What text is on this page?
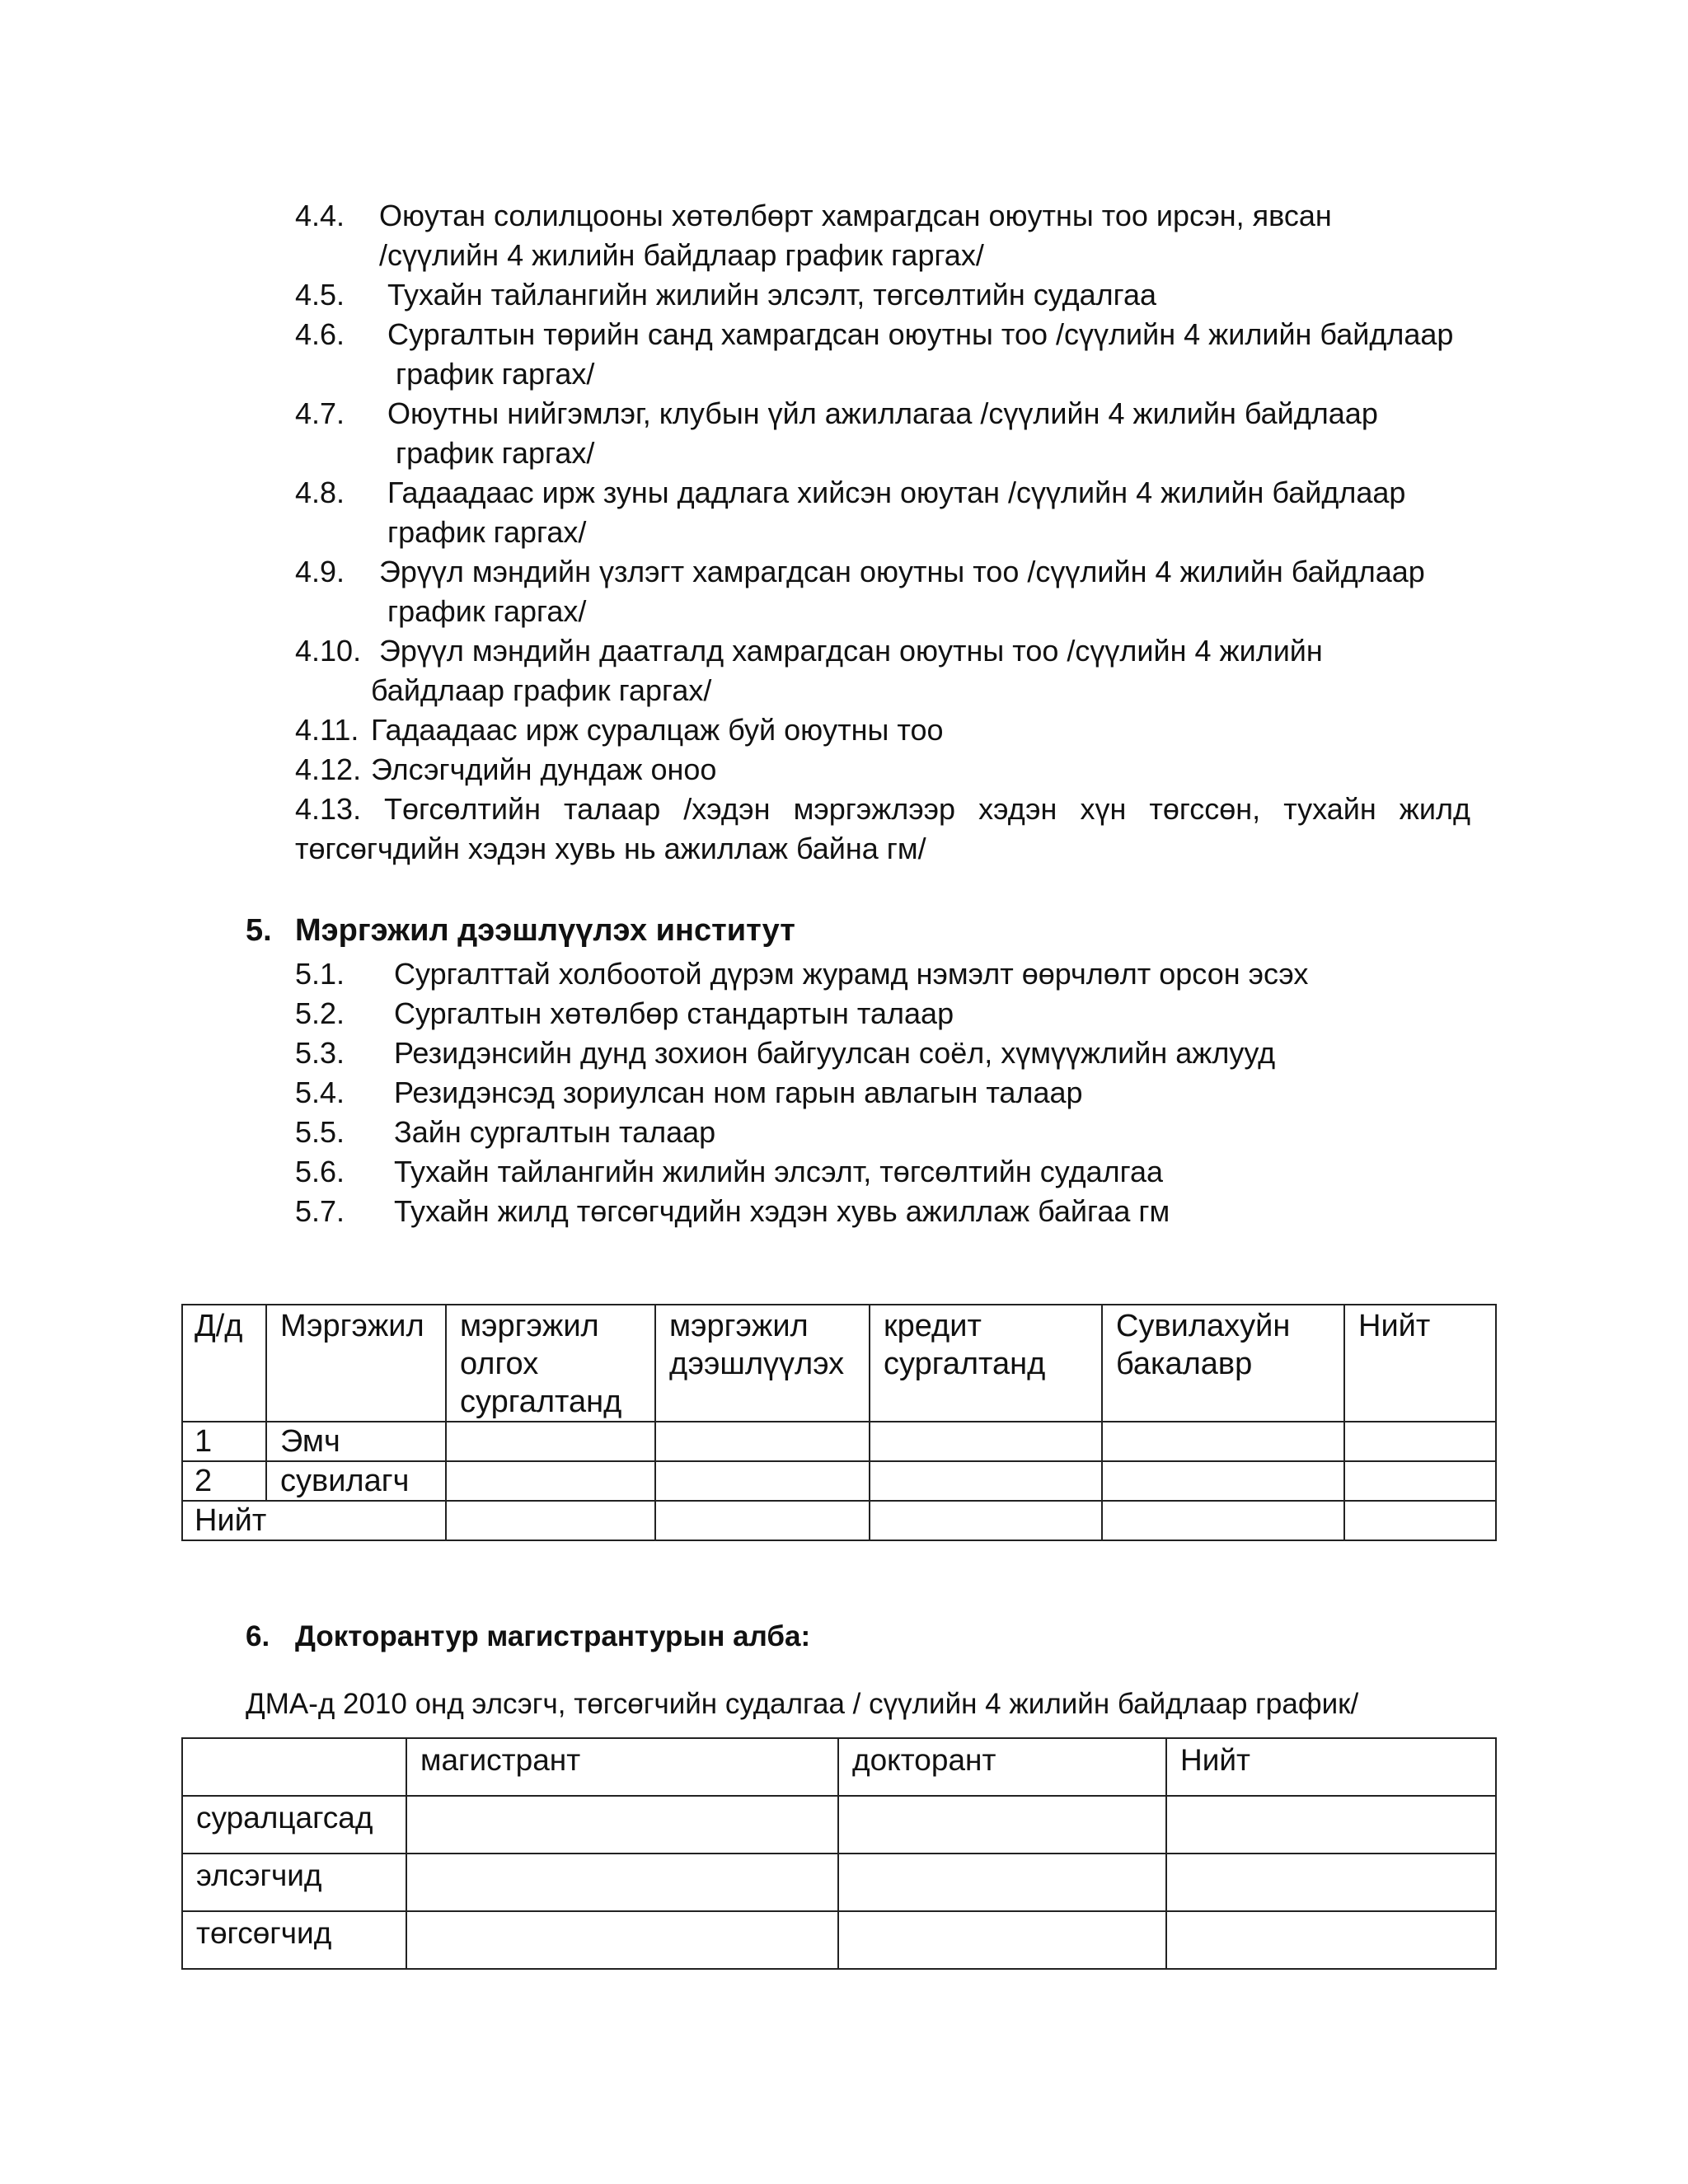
4.4. Оюутан солилцооны хөтөлбөрт хамрагдсан оюутны тоо ирсэн, явсан
/сүүлийн 4 жилийн байдлаар график гаргах/
4.5. Тухайн тайлангийн жилийн элсэлт, төгсөлтийн судалгаа
4.6. Сургалтын төрийн санд хамрагдсан оюутны тоо /сүүлийн 4 жилийн байдлаар
график гаргах/
4.7. Оюутны нийгэмлэг, клубын үйл ажиллагаа /сүүлийн 4 жилийн байдлаар
график гаргах/
4.8. Гадаадаас ирж зуны дадлага хийсэн оюутан /сүүлийн 4 жилийн байдлаар
график гаргах/
4.9. Эрүүл мэндийн үзлэгт хамрагдсан оюутны тоо /сүүлийн 4 жилийн байдлаар
график гаргах/
4.10. Эрүүл мэндийн даатгалд хамрагдсан оюутны тоо /сүүлийн 4 жилийн
байдлаар график гаргах/
4.11. Гадаадаас ирж суралцаж буй оюутны тоо
4.12. Элсэгчдийн дундаж оноо
4.13. Төгсөлтийн талаар /хэдэн мэргэжлээр хэдэн хүн төгссөн, тухайн жилд
төгсөгчдийн хэдэн хувь нь ажиллаж байна гм/
5. Мэргэжил дээшлүүлэх институт
5.1. Сургалттай холбоотой дүрэм журамд нэмэлт өөрчлөлт орсон эсэх
5.2. Сургалтын хөтөлбөр стандартын талаар
5.3. Резидэнсийн дунд зохион байгуулсан соёл, хүмүүжлийн ажлууд
5.4. Резидэнсэд зориулсан ном гарын авлагын талаар
5.5. Зайн сургалтын талаар
5.6. Тухайн тайлангийн жилийн элсэлт, төгсөлтийн судалгаа
5.7. Тухайн жилд төгсөгчдийн хэдэн хувь ажиллаж байгаа гм
Д/д	Мэргэжил	мэргэжил олгох сургалтанд	мэргэжил дээшлүүлэх	кредит сургалтанд	Сувилахуйн бакалавр	Нийт
1	Эмч					
2	сувилагч					
Нийт						
6. Докторантур магистрантурын алба:
ДМА-д 2010 онд элсэгч, төгсөгчийн судалгаа / сүүлийн 4 жилийн байдлаар график/
	магистрант	докторант	Нийт
суралцагсад			
элсэгчид			
төгсөгчид			
